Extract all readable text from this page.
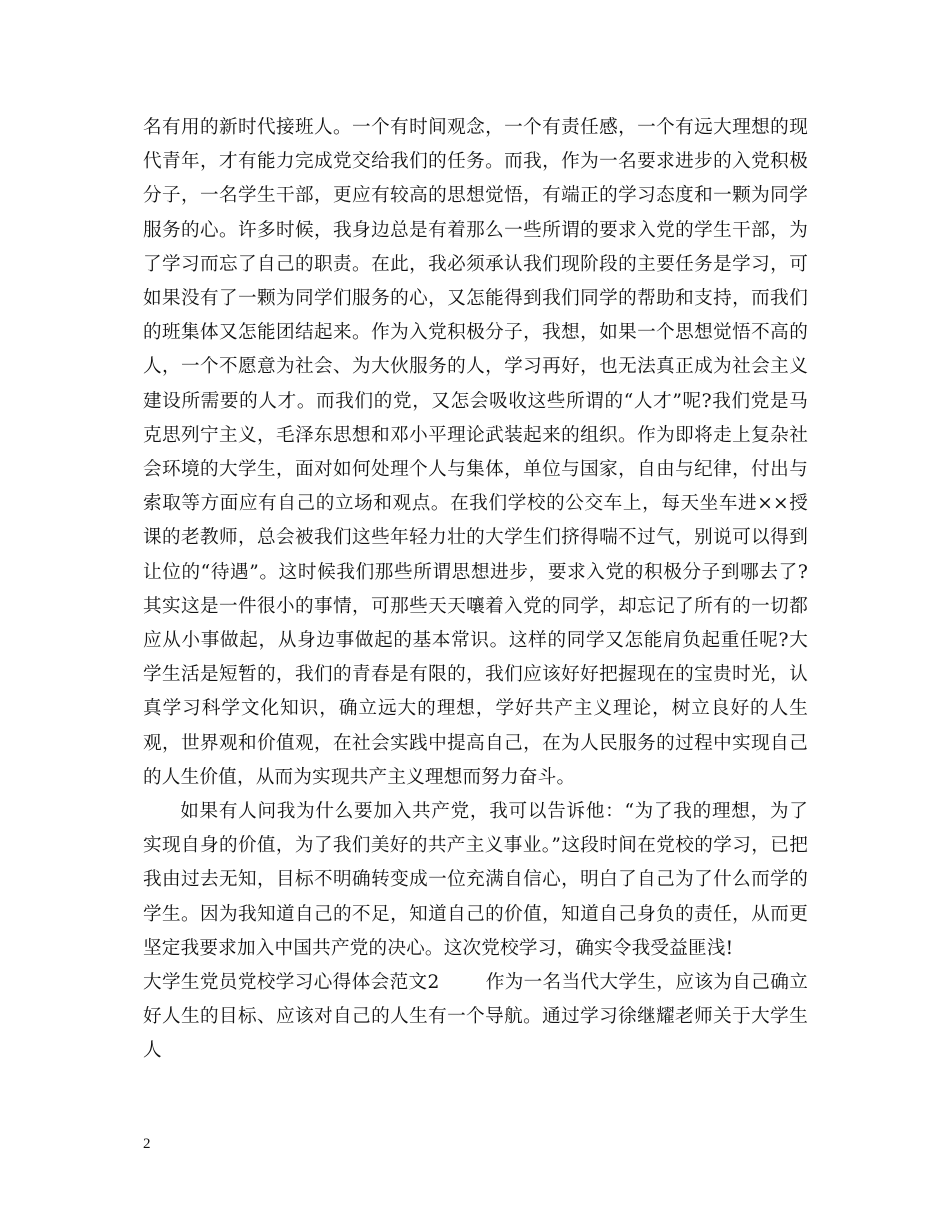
名有用的新时代接班人。一个有时间观念，一个有责任感，一个有远大理想的现代青年，才有能力完成党交给我们的任务。而我，作为一名要求进步的入党积极分子，一名学生干部，更应有较高的思想觉悟，有端正的学习态度和一颗为同学服务的心。许多时候，我身边总是有着那么一些所谓的要求入党的学生干部，为了学习而忘了自己的职责。在此，我必须承认我们现阶段的主要任务是学习，可如果没有了一颗为同学们服务的心，又怎能得到我们同学的帮助和支持，而我们的班集体又怎能团结起来。作为入党积极分子，我想，如果一个思想觉悟不高的人，一个不愿意为社会、为大伙服务的人，学习再好，也无法真正成为社会主义建设所需要的人才。而我们的党，又怎会吸收这些所谓的“人才”呢?我们党是马克思列宁主义，毛泽东思想和邓小平理论武装起来的组织。作为即将走上复杂社会环境的大学生，面对如何处理个人与集体，单位与国家，自由与纪律，付出与索取等方面应有自己的立场和观点。在我们学校的公交车上，每天坐车进××授课的老教师，总会被我们这些年轻力壮的大学生们挤得喘不过气，别说可以得到让位的“待遇”。这时候我们那些所谓思想进步，要求入党的积极分子到哪去了?其实这是一件很小的事情，可那些天天嚷着入党的同学，却忘记了所有的一切都应从小事做起，从身边事做起的基本常识。这样的同学又怎能肩负起重任呢?大学生活是短暂的，我们的青春是有限的，我们应该好好把握现在的宝贵时光，认真学习科学文化知识，确立远大的理想，学好共产主义理论，树立良好的人生观，世界观和价值观，在社会实践中提高自己，在为人民服务的过程中实现自己的人生价值，从而为实现共产主义理想而努力奋斗。

如果有人问我为什么要加入共产党，我可以告诉他：“为了我的理想，为了实现自身的价值，为了我们美好的共产主义事业。”这段时间在党校的学习，已把我由过去无知，目标不明确转变成一位充满自信心，明白了自己为了什么而学的学生。因为我知道自己的不足，知道自己的价值，知道自己身负的责任，从而更坚定我要求加入中国共产党的决心。这次党校学习，确实令我受益匪浅!

大学生党员党校学习心得体会范文2 作为一名当代大学生，应该为自己确立好人生的目标、应该对自己的人生有一个导航。通过学习徐继耀老师关于大学生人

2
